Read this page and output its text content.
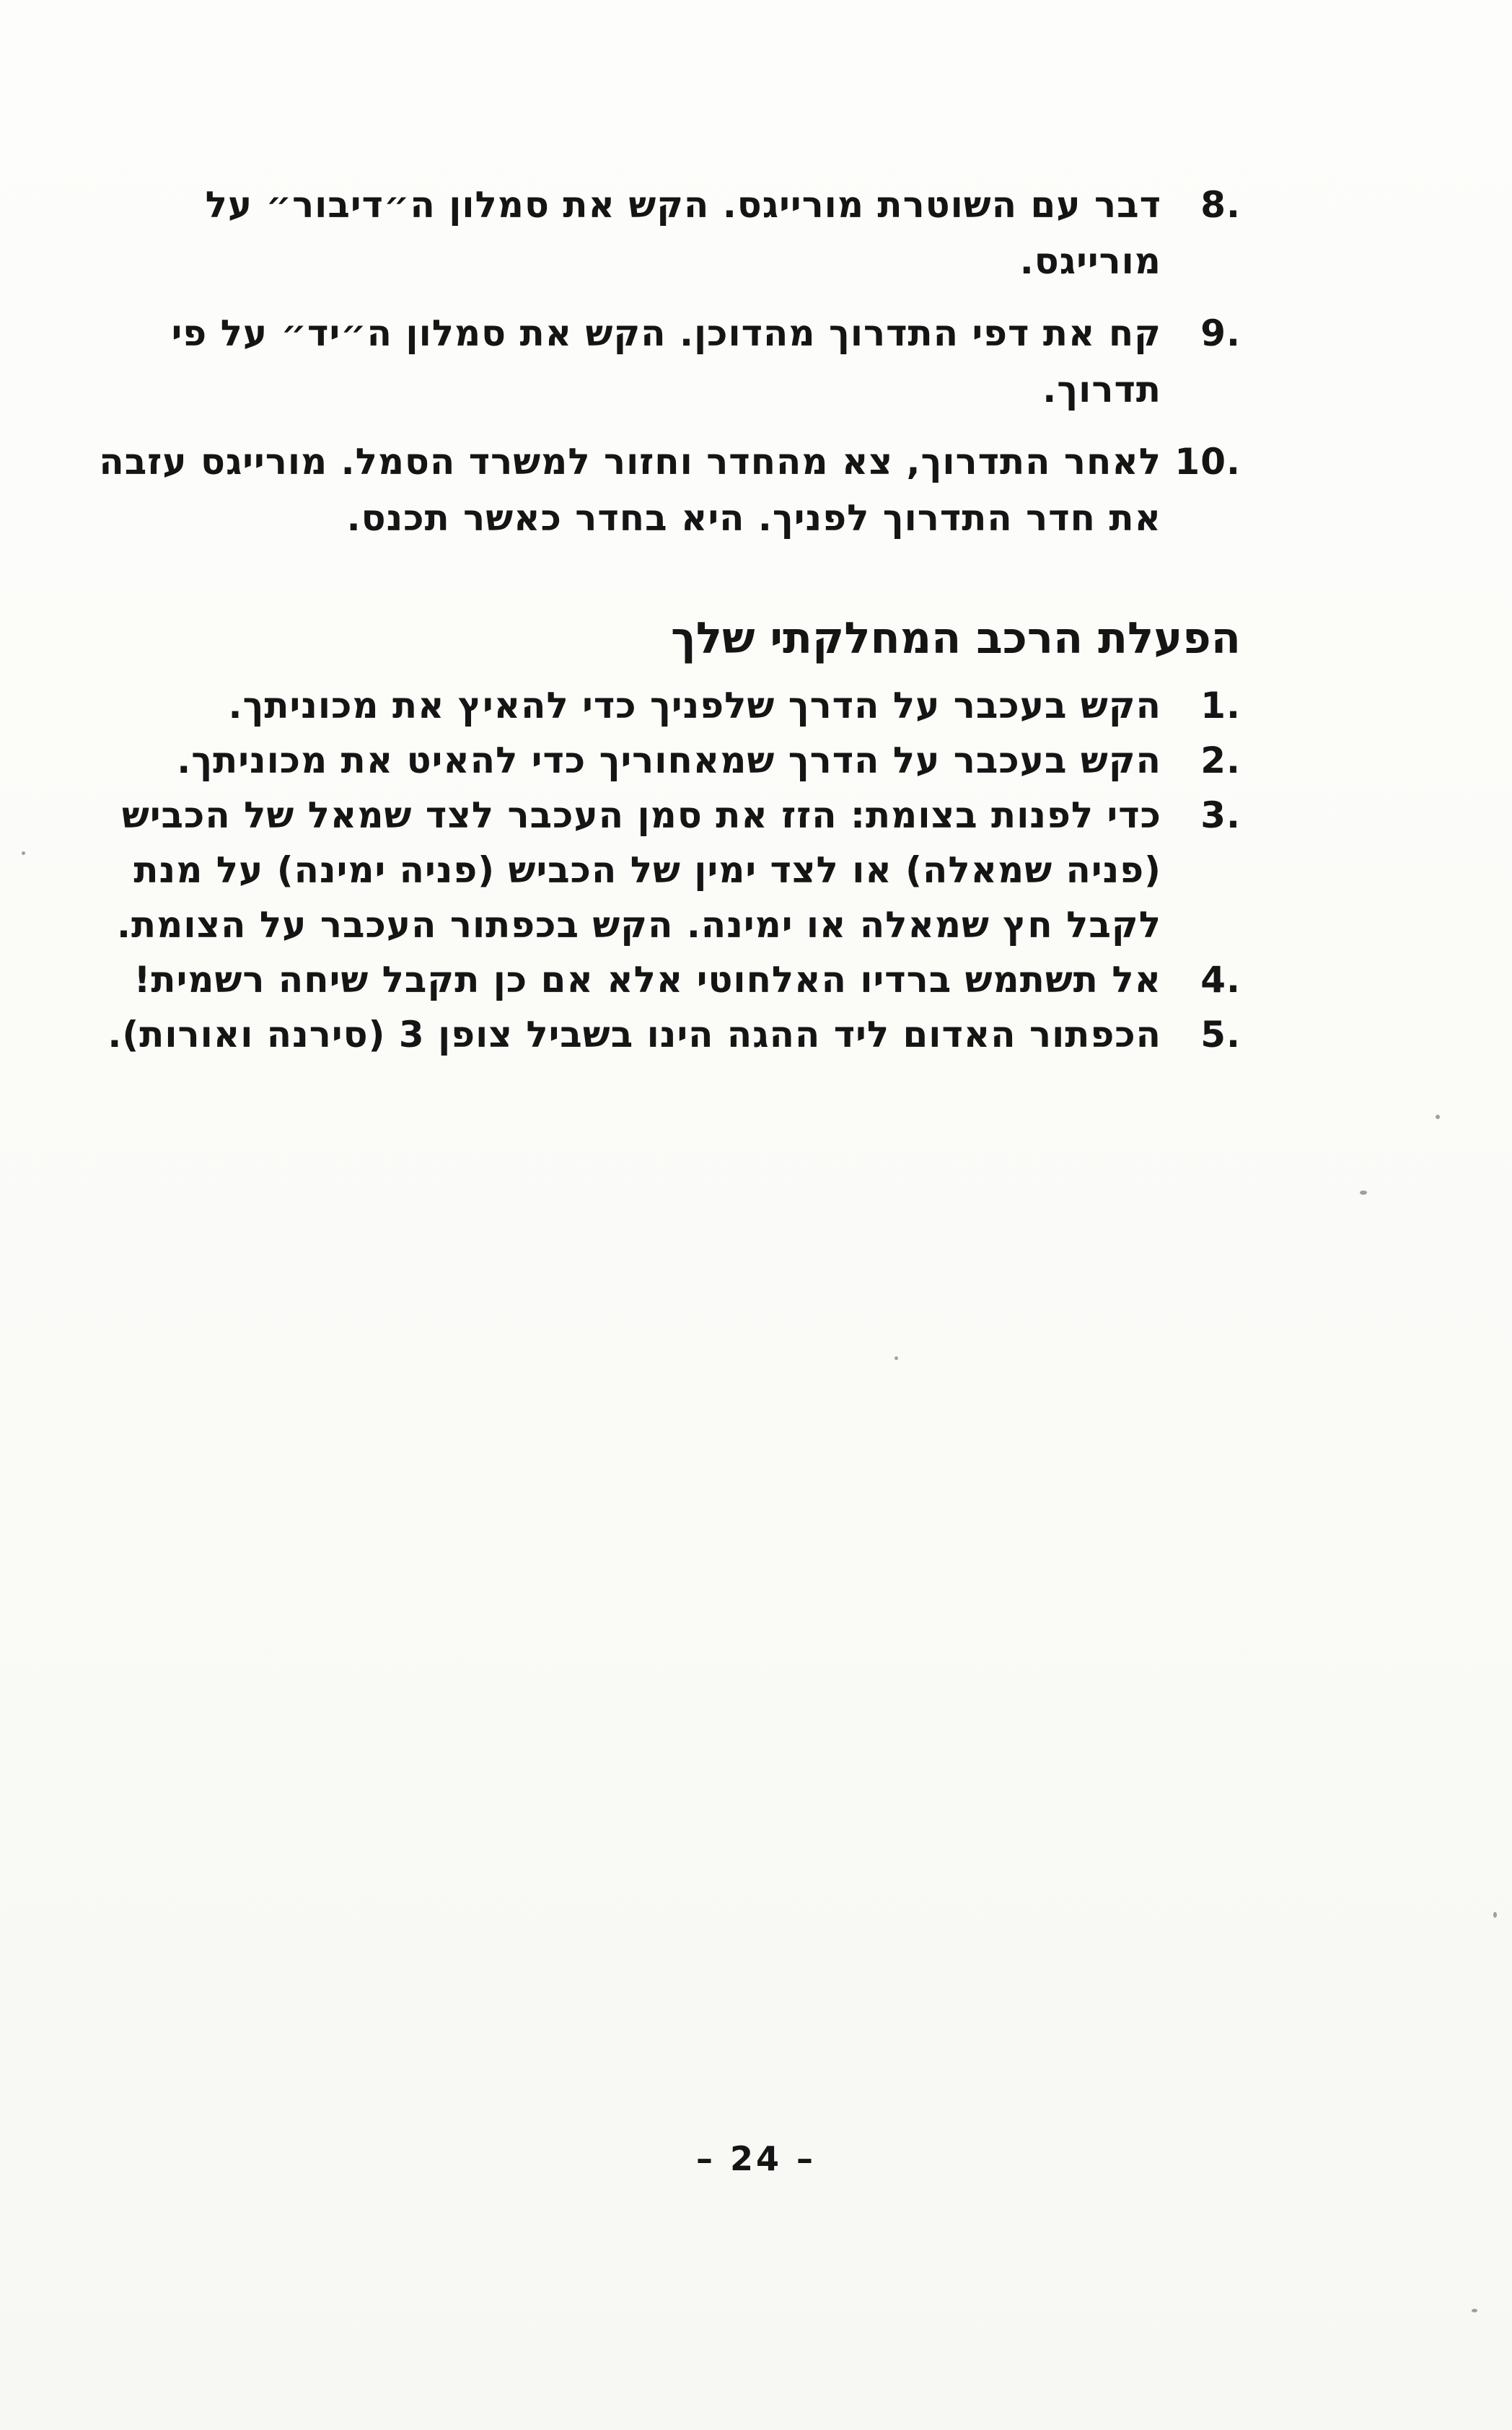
8.
דבר עם השוטרת מורייגס. הקש את סמלון ה״דיבור״ על מורייגס.
9.
קח את דפי התדרוך מהדוכן. הקש את סמלון ה״יד״ על פי תדרוך.
10.
לאחר התדרוך, צא מהחדר וחזור למשרד הסמל. מורייגס עזבה את חדר התדרוך לפניך. היא בחדר כאשר תכנס.
הפעלת הרכב המחלקתי שלך
1.
הקש בעכבר על הדרך שלפניך כדי להאיץ את מכוניתך.
2.
הקש בעכבר על הדרך שמאחוריך כדי להאיט את מכוניתך.
3.
כדי לפנות בצומת: הזז את סמן העכבר לצד שמאל של הכביש (פניה שמאלה) או לצד ימין של הכביש (פניה ימינה) על מנת לקבל חץ שמאלה או ימינה. הקש בכפתור העכבר על הצומת.
4.
אל תשתמש ברדיו האלחוטי אלא אם כן תקבל שיחה רשמית!
5.
הכפתור האדום ליד ההגה הינו בשביל צופן 3 (סירנה ואורות).
– 24 –
